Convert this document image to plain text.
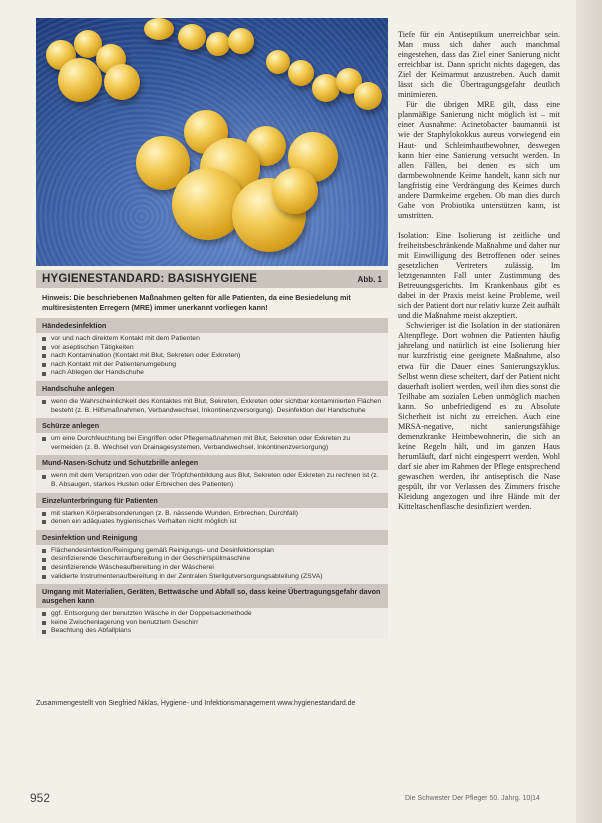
HYGIENESTANDARD: BASISHYGIENE	Abb. 1
Hinweis: Die beschriebenen Maßnahmen gelten für alle Patienten, da eine Besiedelung mit multiresistenten Erregern (MRE) immer unerkannt vorliegen kann!
Händedesinfektion
vor und nach direktem Kontakt mit dem Patienten
vor aseptischen Tätigkeiten
nach Kontamination (Kontakt mit Blut, Sekreten oder Exkreten)
nach Kontakt mit der Patientenumgebung
nach Ablegen der Handschuhe
Handschuhe anlegen
wenn die Wahrscheinlichkeit des Kontaktes mit Blut, Sekreten, Exkreten oder sichtbar kontaminierten Flächen besteht (z. B. Hilfsmaßnahmen, Verbandwechsel, Inkontinenzversorgung). Desinfektion der Handschuhe
Schürze anlegen
um eine Durchfeuchtung bei Eingriffen oder Pflegemaßnahmen mit Blut, Sekreten oder Exkreten zu vermeiden (z. B. Wechsel von Drainagesystemen, Verbandwechsel, Inkontinenzversorgung)
Mund-Nasen-Schutz und Schutzbrille anlegen
wenn mit dem Verspritzen von oder der Tröpfchenbildung aus Blut, Sekreten oder Exkreten zu rechnen ist (z. B. Absaugen, starkes Husten oder Erbrechen des Patienten)
Einzelunterbringung für Patienten
mit starken Körperabsonderungen (z. B. nässende Wunden, Erbrechen, Durchfall)
denen ein adäquates hygienisches Verhalten nicht möglich ist
Desinfektion und Reinigung
Flächendesinfektion/Reinigung gemäß Reinigungs- und Desinfektionsplan
desinfizierende Geschirraufbereitung in der Geschirrspülmaschine
desinfizierende Wäscheaufbereitung in der Wäscherei
validierte Instrumentenaufbereitung in der Zentralen Sterilgutversorgungsabteilung (ZSVA)
Umgang mit Materialien, Geräten, Bettwäsche und Abfall so, dass keine Übertragungsgefahr davon ausgehen kann
ggf. Entsorgung der benutzten Wäsche in der Doppelsackmethode
keine Zwischenlagerung von benutztem Geschirr
Beachtung des Abfallplans
Zusammengestellt von Siegfried Niklas, Hygiene- und Infektionsmanagement www.hygienestandard.de
952

Tiefe für ein Antiseptikum unerreichbar sein. Man muss sich daher auch manchmal eingestehen, dass das Ziel einer Sanierung nicht erreichbar ist. Dann spricht nichts dagegen, das Ziel der Keimarmut anzustreben. Auch damit lässt sich die Übertragungsgefahr deutlich minimieren.

Für die übrigen MRE gilt, dass eine planmäßige Sanierung nicht möglich ist – mit einer Ausnahme: Acinetobacter baumannii ist wie der Staphylokokkus aureus vorwiegend ein Haut- und Schleimhautbewohner, deswegen kann hier eine Sanierung versucht werden. In allen Fällen, bei denen es sich um darmbewohnende Keime handelt, kann sich nur langfristig eine Verdrängung des Keimes durch andere Darmkeime ergeben. Ob man dies durch Gabe von Probiotika unterstützen kann, ist umstritten.

Isolation: Eine Isolierung ist zeitliche und freiheitsbeschränkende Maßnahme und daher nur mit Einwilligung des Betroffenen oder seines gesetzlichen Vertreters zulässig. Im letztgenannten Fall unter Zustimmung des Betreuungsgerichts. Im Krankenhaus gibt es dabei in der Praxis meist keine Probleme, weil sich der Patient dort nur relativ kurze Zeit aufhält und die Maßnahme meist akzeptiert.

Schwieriger ist die Isolation in der stationären Altenpflege. Dort wohnen die Patienten häufig jahrelang und natürlich ist eine Isolierung hier nur kurzfristig eine geeignete Maßnahme, also etwa für die Dauer eines Sanierungszyklus. Selbst wenn diese scheitert, darf der Patient nicht dauerhaft isoliert werden, weil ihm dies sonst die Teilhabe am sozialen Leben unmöglich machen kann. So unbefriedigend es zu Absolute Sicherheit ist nicht zu erreichen. Auch eine MRSA-negative, nicht sanierungsfähige demenzkranke Heimbewohnerin, die sich an keine Regeln hält, und im ganzen Haus herumläuft, darf nicht eingesperrt werden. Wohl darf sie aber im Rahmen der Pflege entsprechend gewaschen werden, ihr antiseptisch die Nase gespült, ihr vor Verlassen des Zimmers frische Kleidung angezogen und ihre Hände mit der Kitteltaschenflasche desinfiziert werden.

Die Schwester Der Pfleger 50. Jahrg. 10|14
